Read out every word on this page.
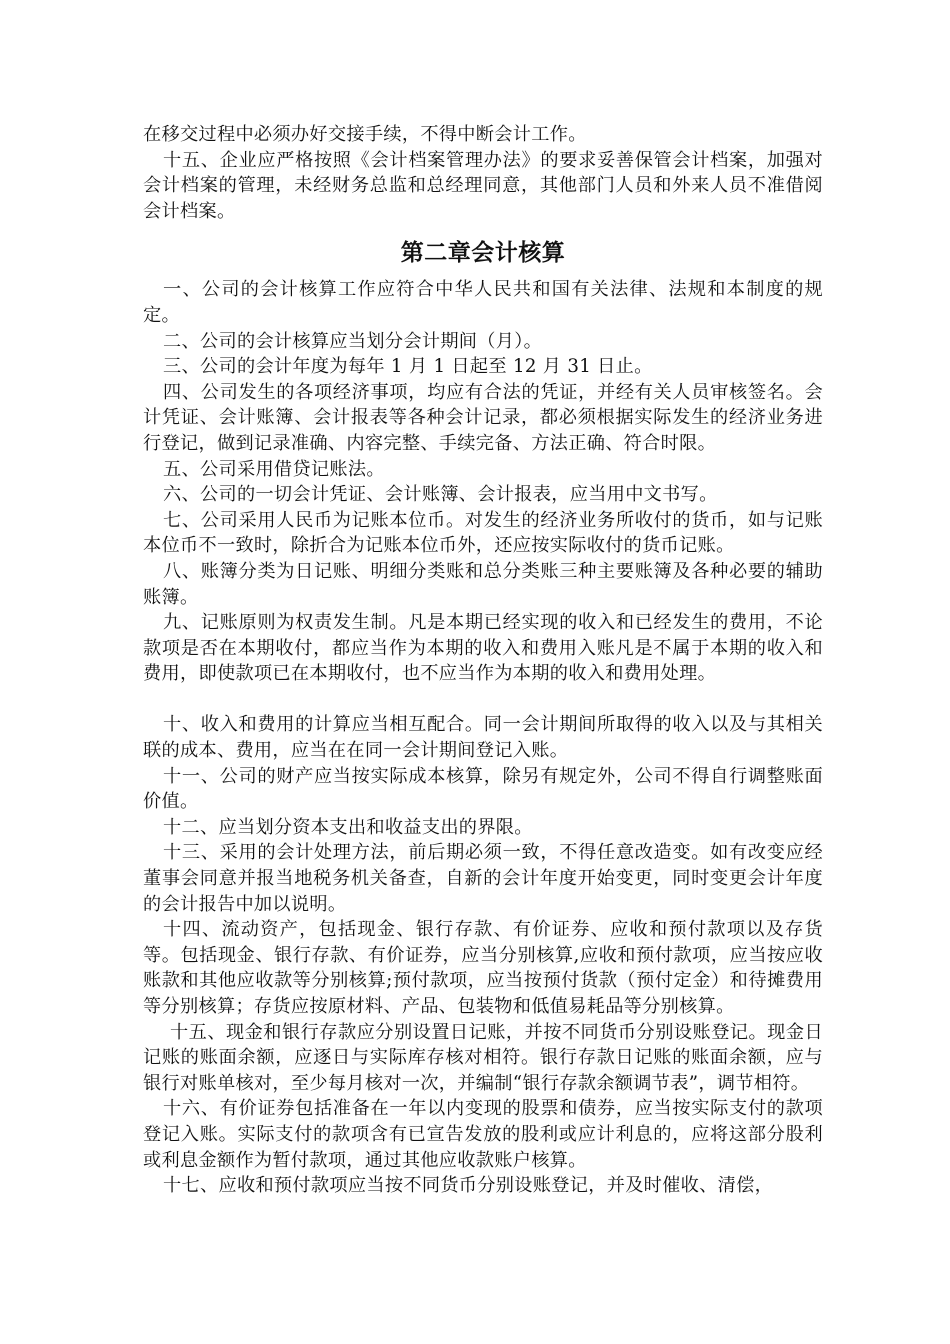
在移交过程中必须办好交接手续，不得中断会计工作。

十五、企业应严格按照《会计档案管理办法》的要求妥善保管会计档案，加强对会计档案的管理，未经财务总监和总经理同意，其他部门人员和外来人员不准借阅会计档案。

第二章会计核算

一、公司的会计核算工作应符合中华人民共和国有关法律、法规和本制度的规定。

二、公司的会计核算应当划分会计期间（月）。

三、公司的会计年度为每年 1 月 1 日起至 12 月 31 日止。

四、公司发生的各项经济事项，均应有合法的凭证，并经有关人员审核签名。会计凭证、会计账簿、会计报表等各种会计记录，都必须根据实际发生的经济业务进行登记，做到记录准确、内容完整、手续完备、方法正确、符合时限。

五、公司采用借贷记账法。

六、公司的一切会计凭证、会计账簿、会计报表，应当用中文书写。

七、公司采用人民币为记账本位币。对发生的经济业务所收付的货币，如与记账本位币不一致时，除折合为记账本位币外，还应按实际收付的货币记账。

八、账簿分类为日记账、明细分类账和总分类账三种主要账簿及各种必要的辅助账簿。

九、记账原则为权责发生制。凡是本期已经实现的收入和已经发生的费用，不论款项是否在本期收付，都应当作为本期的收入和费用入账凡是不属于本期的收入和费用，即使款项已在本期收付，也不应当作为本期的收入和费用处理。

十、收入和费用的计算应当相互配合。同一会计期间所取得的收入以及与其相关联的成本、费用，应当在在同一会计期间登记入账。

十一、公司的财产应当按实际成本核算，除另有规定外，公司不得自行调整账面价值。

十二、应当划分资本支出和收益支出的界限。

十三、采用的会计处理方法，前后期必须一致，不得任意改造变。如有改变应经董事会同意并报当地税务机关备查，自新的会计年度开始变更，同时变更会计年度的会计报告中加以说明。

十四、流动资产，包括现金、银行存款、有价证券、应收和预付款项以及存货等。包括现金、银行存款、有价证券，应当分别核算,应收和预付款项，应当按应收账款和其他应收款等分别核算;预付款项，应当按预付货款（预付定金）和待摊费用等分别核算；存货应按原材料、产品、包装物和低值易耗品等分别核算。

十五、现金和银行存款应分别设置日记账，并按不同货币分别设账登记。现金日记账的账面余额，应逐日与实际库存核对相符。银行存款日记账的账面余额，应与银行对账单核对，至少每月核对一次，并编制“银行存款余额调节表”，调节相符。

十六、有价证券包括准备在一年以内变现的股票和债券，应当按实际支付的款项登记入账。实际支付的款项含有已宣告发放的股利或应计利息的，应将这部分股利或利息金额作为暂付款项，通过其他应收款账户核算。

十七、应收和预付款项应当按不同货币分别设账登记，并及时催收、清偿，
